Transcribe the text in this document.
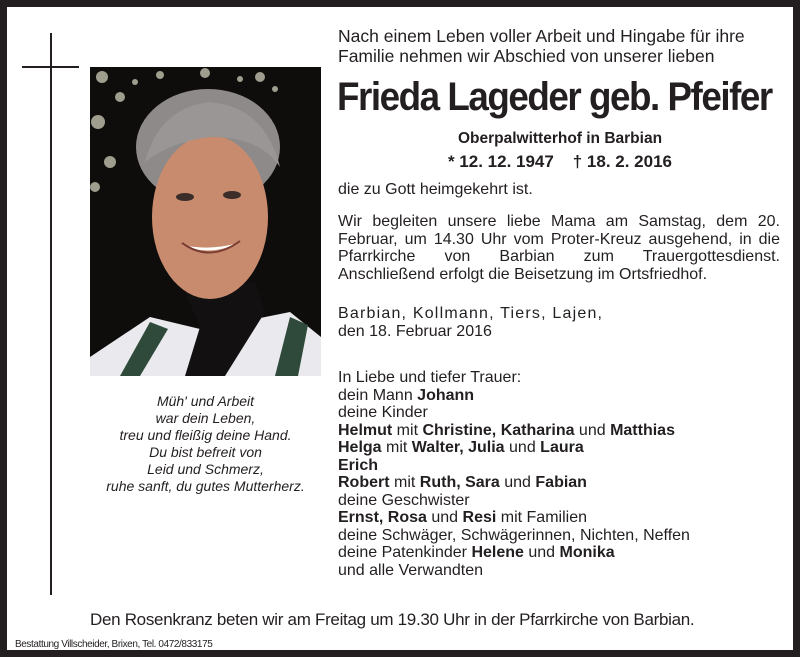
Müh' und Arbeit
war dein Leben,
treu und fleißig deine Hand.
Du bist befreit von
Leid und Schmerz,
ruhe sanft, du gutes Mutterherz.
Nach einem Leben voller Arbeit und Hingabe für ihre
Familie nehmen wir Abschied von unserer lieben
Frieda Lageder geb. Pfeifer
Oberpalwitterhof in Barbian
* 12. 12. 1947 † 18. 2. 2016
die zu Gott heimgekehrt ist.
Wir begleiten unsere liebe Mama am Samstag, dem 20. Februar, um 14.30 Uhr vom Proter-Kreuz ausgehend, in die Pfarrkirche von Barbian zum Trauergottesdienst. Anschließend erfolgt die Beisetzung im Ortsfriedhof.
Barbian, Kollmann, Tiers, Lajen,
den 18. Februar 2016
In Liebe und tiefer Trauer:
dein Mann Johann
deine Kinder
Helmut mit Christine, Katharina und Matthias
Helga mit Walter, Julia und Laura
Erich
Robert mit Ruth, Sara und Fabian
deine Geschwister
Ernst, Rosa und Resi mit Familien
deine Schwäger, Schwägerinnen, Nichten, Neffen
deine Patenkinder Helene und Monika
und alle Verwandten
Den Rosenkranz beten wir am Freitag um 19.30 Uhr in der Pfarrkirche von Barbian.
Bestattung Villscheider, Brixen, Tel. 0472/833175
